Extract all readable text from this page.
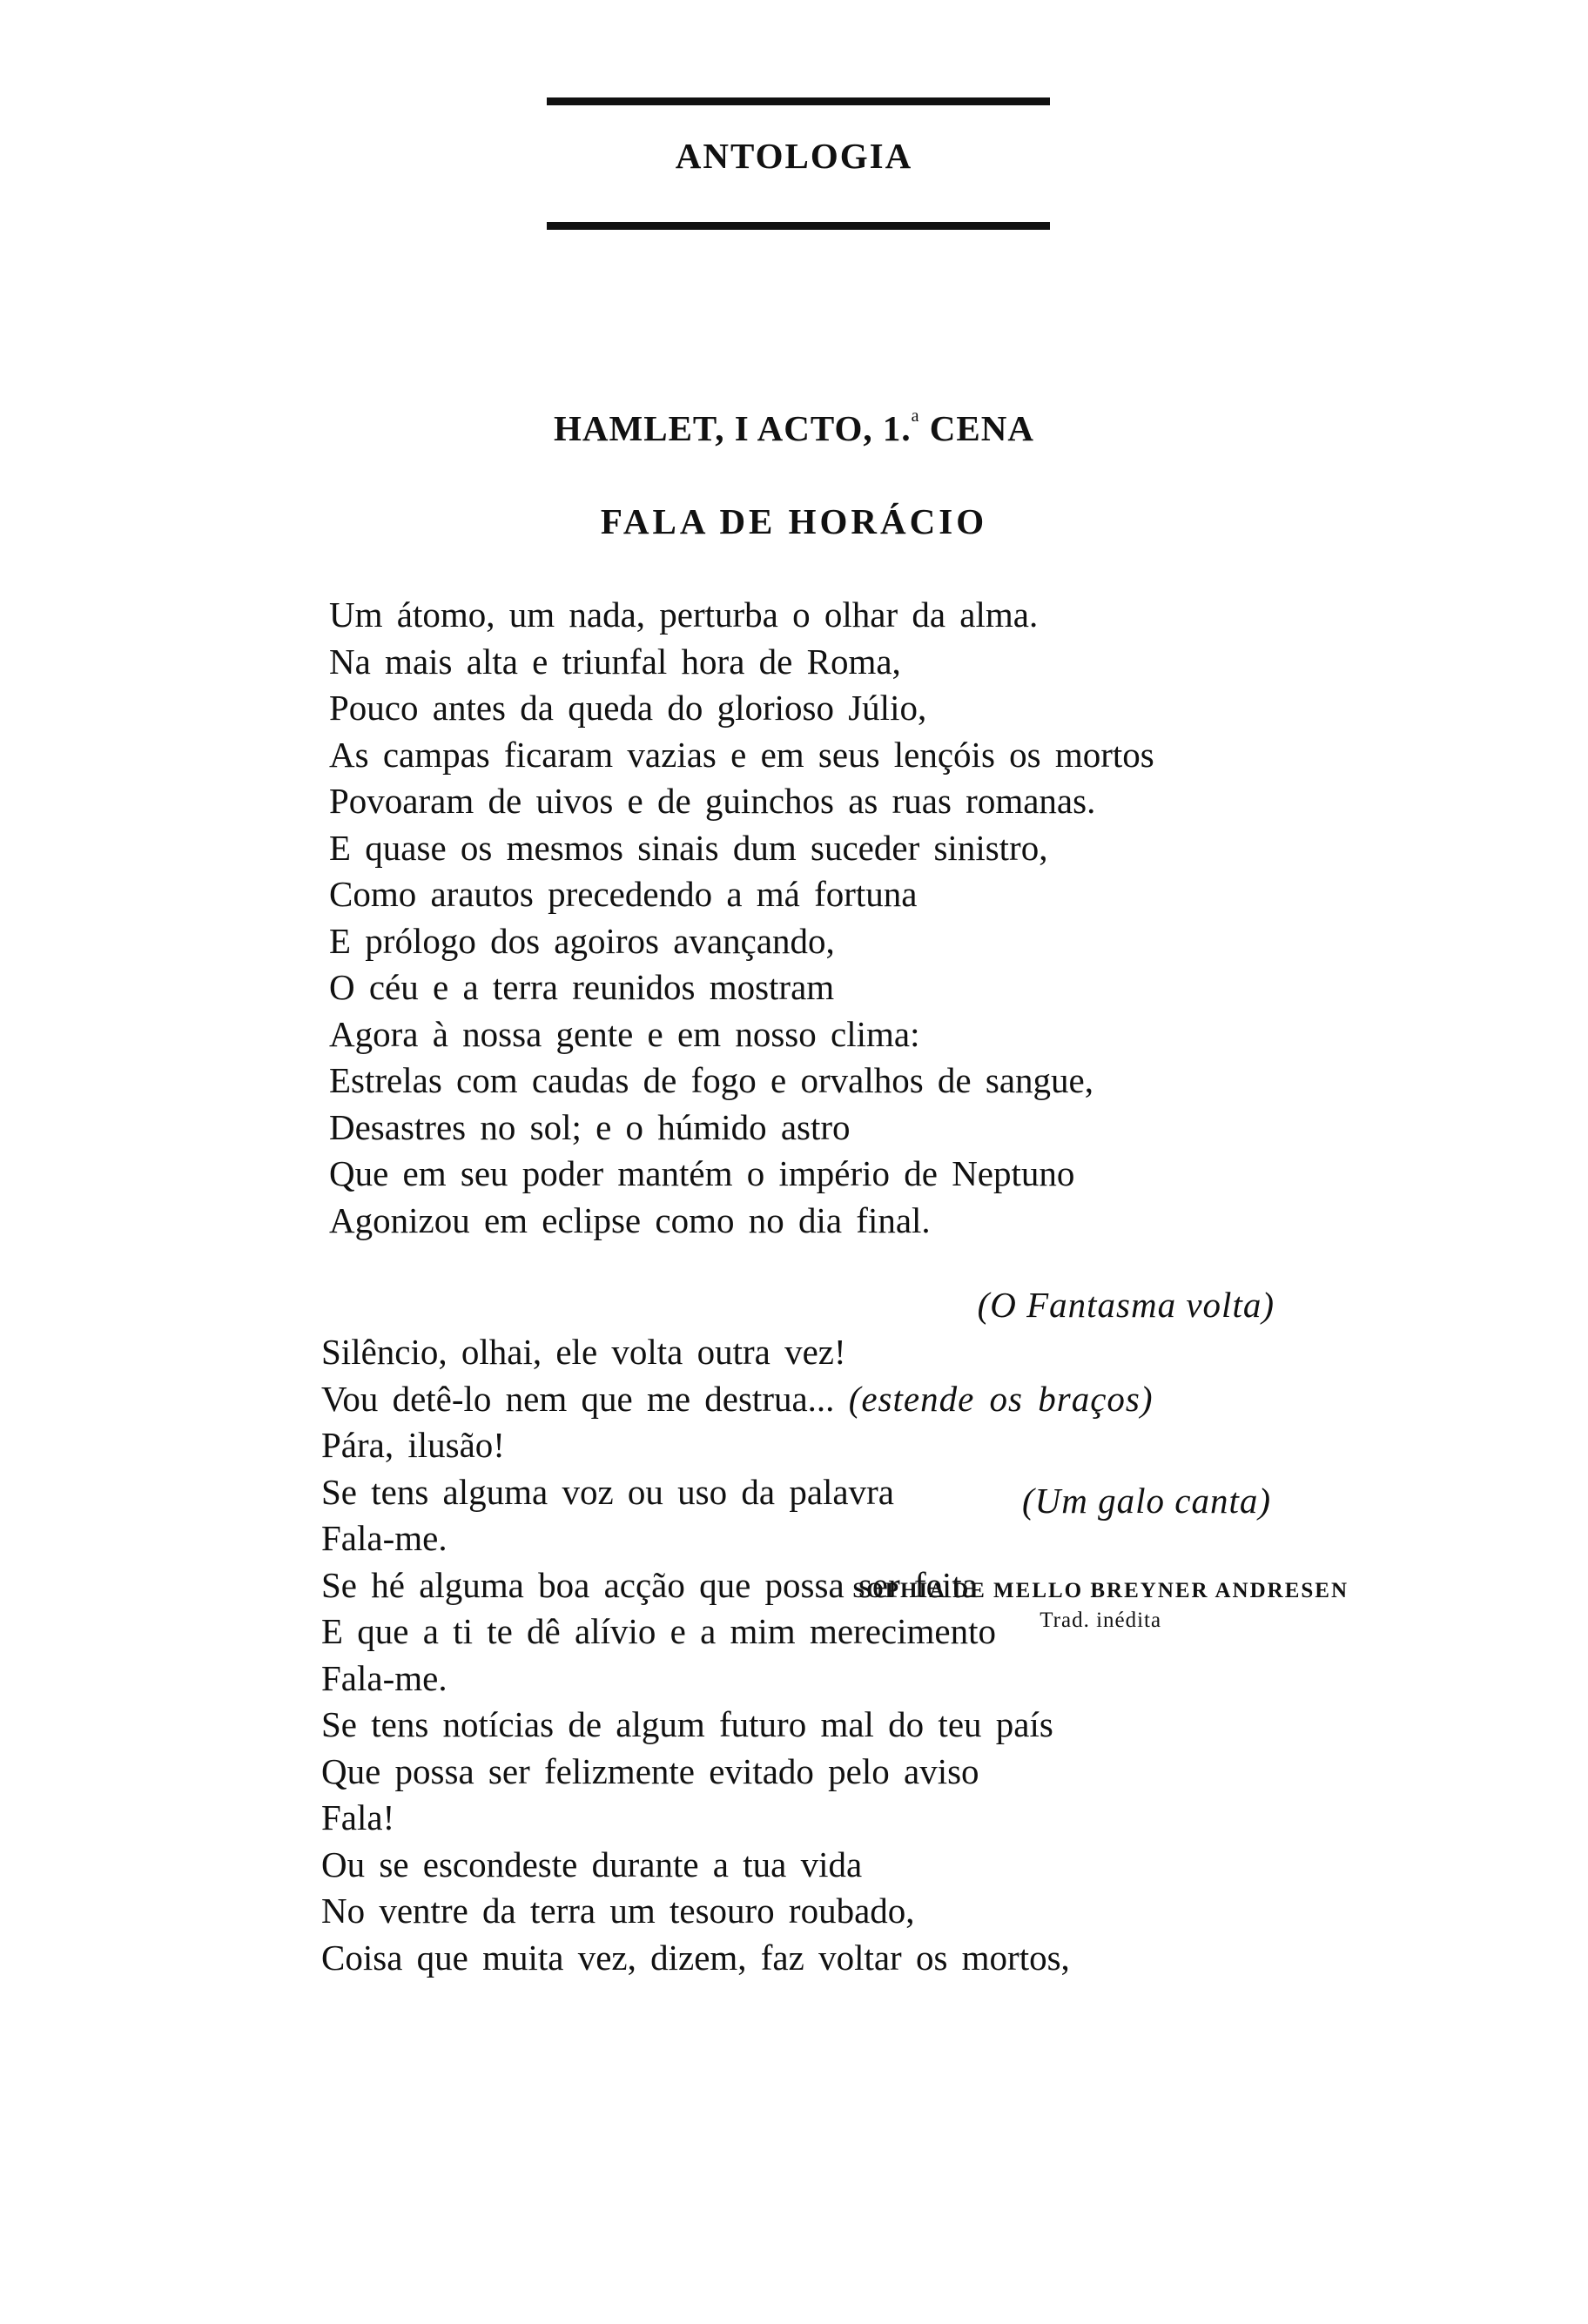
ANTOLOGIA
HAMLET, I ACTO, 1.$^a$ CENA
FALA DE HORÁCIO
Um átomo, um nada, perturba o olhar da alma.
Na mais alta e triunfal hora de Roma,
Pouco antes da queda do glorioso Júlio,
As campas ficaram vazias e em seus lençóis os mortos
Povoaram de uivos e de guinchos as ruas romanas.
E quase os mesmos sinais dum suceder sinistro,
Como arautos precedendo a má fortuna
E prólogo dos agoiros avançando,
O céu e a terra reunidos mostram
Agora à nossa gente e em nosso clima:
Estrelas com caudas de fogo e orvalhos de sangue,
Desastres no sol; e o húmido astro
Que em seu poder mantém o império de Neptuno
Agonizou em eclipse como no dia final.

(O Fantasma volta)

Silêncio, olhai, ele volta outra vez!
Vou detê-lo nem que me destrua... (estende os braços)
Pára, ilusão!
Se tens alguma voz ou uso da palavra
Fala-me.
Se hé alguma boa acção que possa ser feita
E que a ti te dê alívio e a mim merecimento
Fala-me.
Se tens notícias de algum futuro mal do teu país
Que possa ser felizmente evitado pelo aviso
Fala!
Ou se escondeste durante a tua vida
No ventre da terra um tesouro roubado,
Coisa que muita vez, dizem, faz voltar os mortos,

(Um galo canta)

SOPHIA DE MELLO BREYNER ANDRESEN
Trad. inédita
